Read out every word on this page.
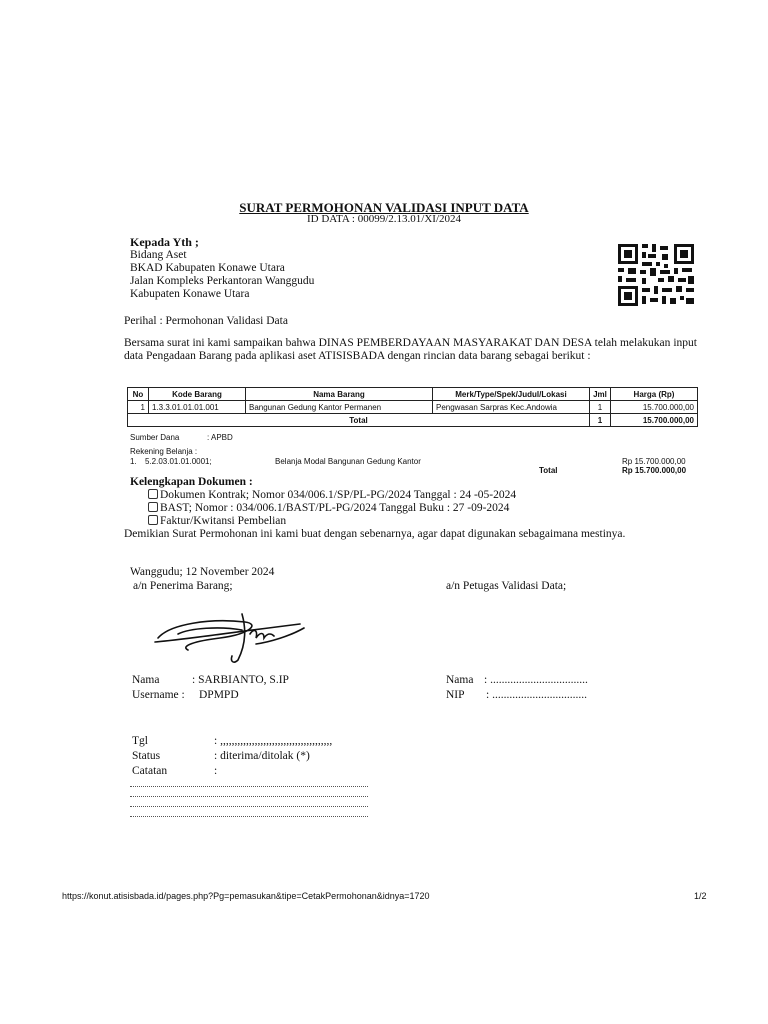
SURAT PERMOHONAN VALIDASI INPUT DATA
ID DATA : 00099/2.13.01/XI/2024
Kepada Yth ;
Bidang Aset
BKAD Kabupaten Konawe Utara
Jalan Kompleks Perkantoran Wanggudu
Kabupaten Konawe Utara
Perihal : Permohonan Validasi Data
Bersama surat ini kami sampaikan bahwa DINAS PEMBERDAYAAN MASYARAKAT DAN DESA telah melakukan input data Pengadaan Barang pada aplikasi aset ATISISBADA dengan rincian data barang sebagai berikut :
No	Kode Barang	Nama Barang	Merk/Type/Spek/Judul/Lokasi	Jml	Harga (Rp)
1	1.3.3.01.01.01.001	Bangunan Gedung Kantor Permanen	Pengwasan Sarpras Kec.Andowia	1	15.700.000,00
Total				1	15.700.000,00
Sumber Dana	: APBD
Rekening Belanja :
1. 5.2.03.01.01.0001;	Belanja Modal Bangunan Gedung Kantor	Rp 15.700.000,00
Total	Rp 15.700.000,00
Kelengkapan Dokumen :
Dokumen Kontrak; Nomor 034/006.1/SP/PL-PG/2024 Tanggal : 24 -05-2024
BAST; Nomor : 034/006.1/BAST/PL-PG/2024 Tanggal Buku : 27 -09-2024
Faktur/Kwitansi Pembelian
Demikian Surat Permohonan ini kami buat dengan sebenarnya, agar dapat digunakan sebagaimana mestinya.
Wanggudu; 12 November 2024
a/n Penerima Barang;	a/n Petugas Validasi Data;
Nama	: SARBIANTO, S.IP
Username : DPMPD
Nama : ..................................
NIP : .................................
Tgl	: ,,,,,,,,,,,,,,,,,,,,,,,,,,,,,,,,,,,,,,,
Status	: diterima/ditolak (*)
Catatan	:
https://konut.atisisbada.id/pages.php?Pg=pemasukan&tipe=CetakPermohonan&idnya=1720	1/2
